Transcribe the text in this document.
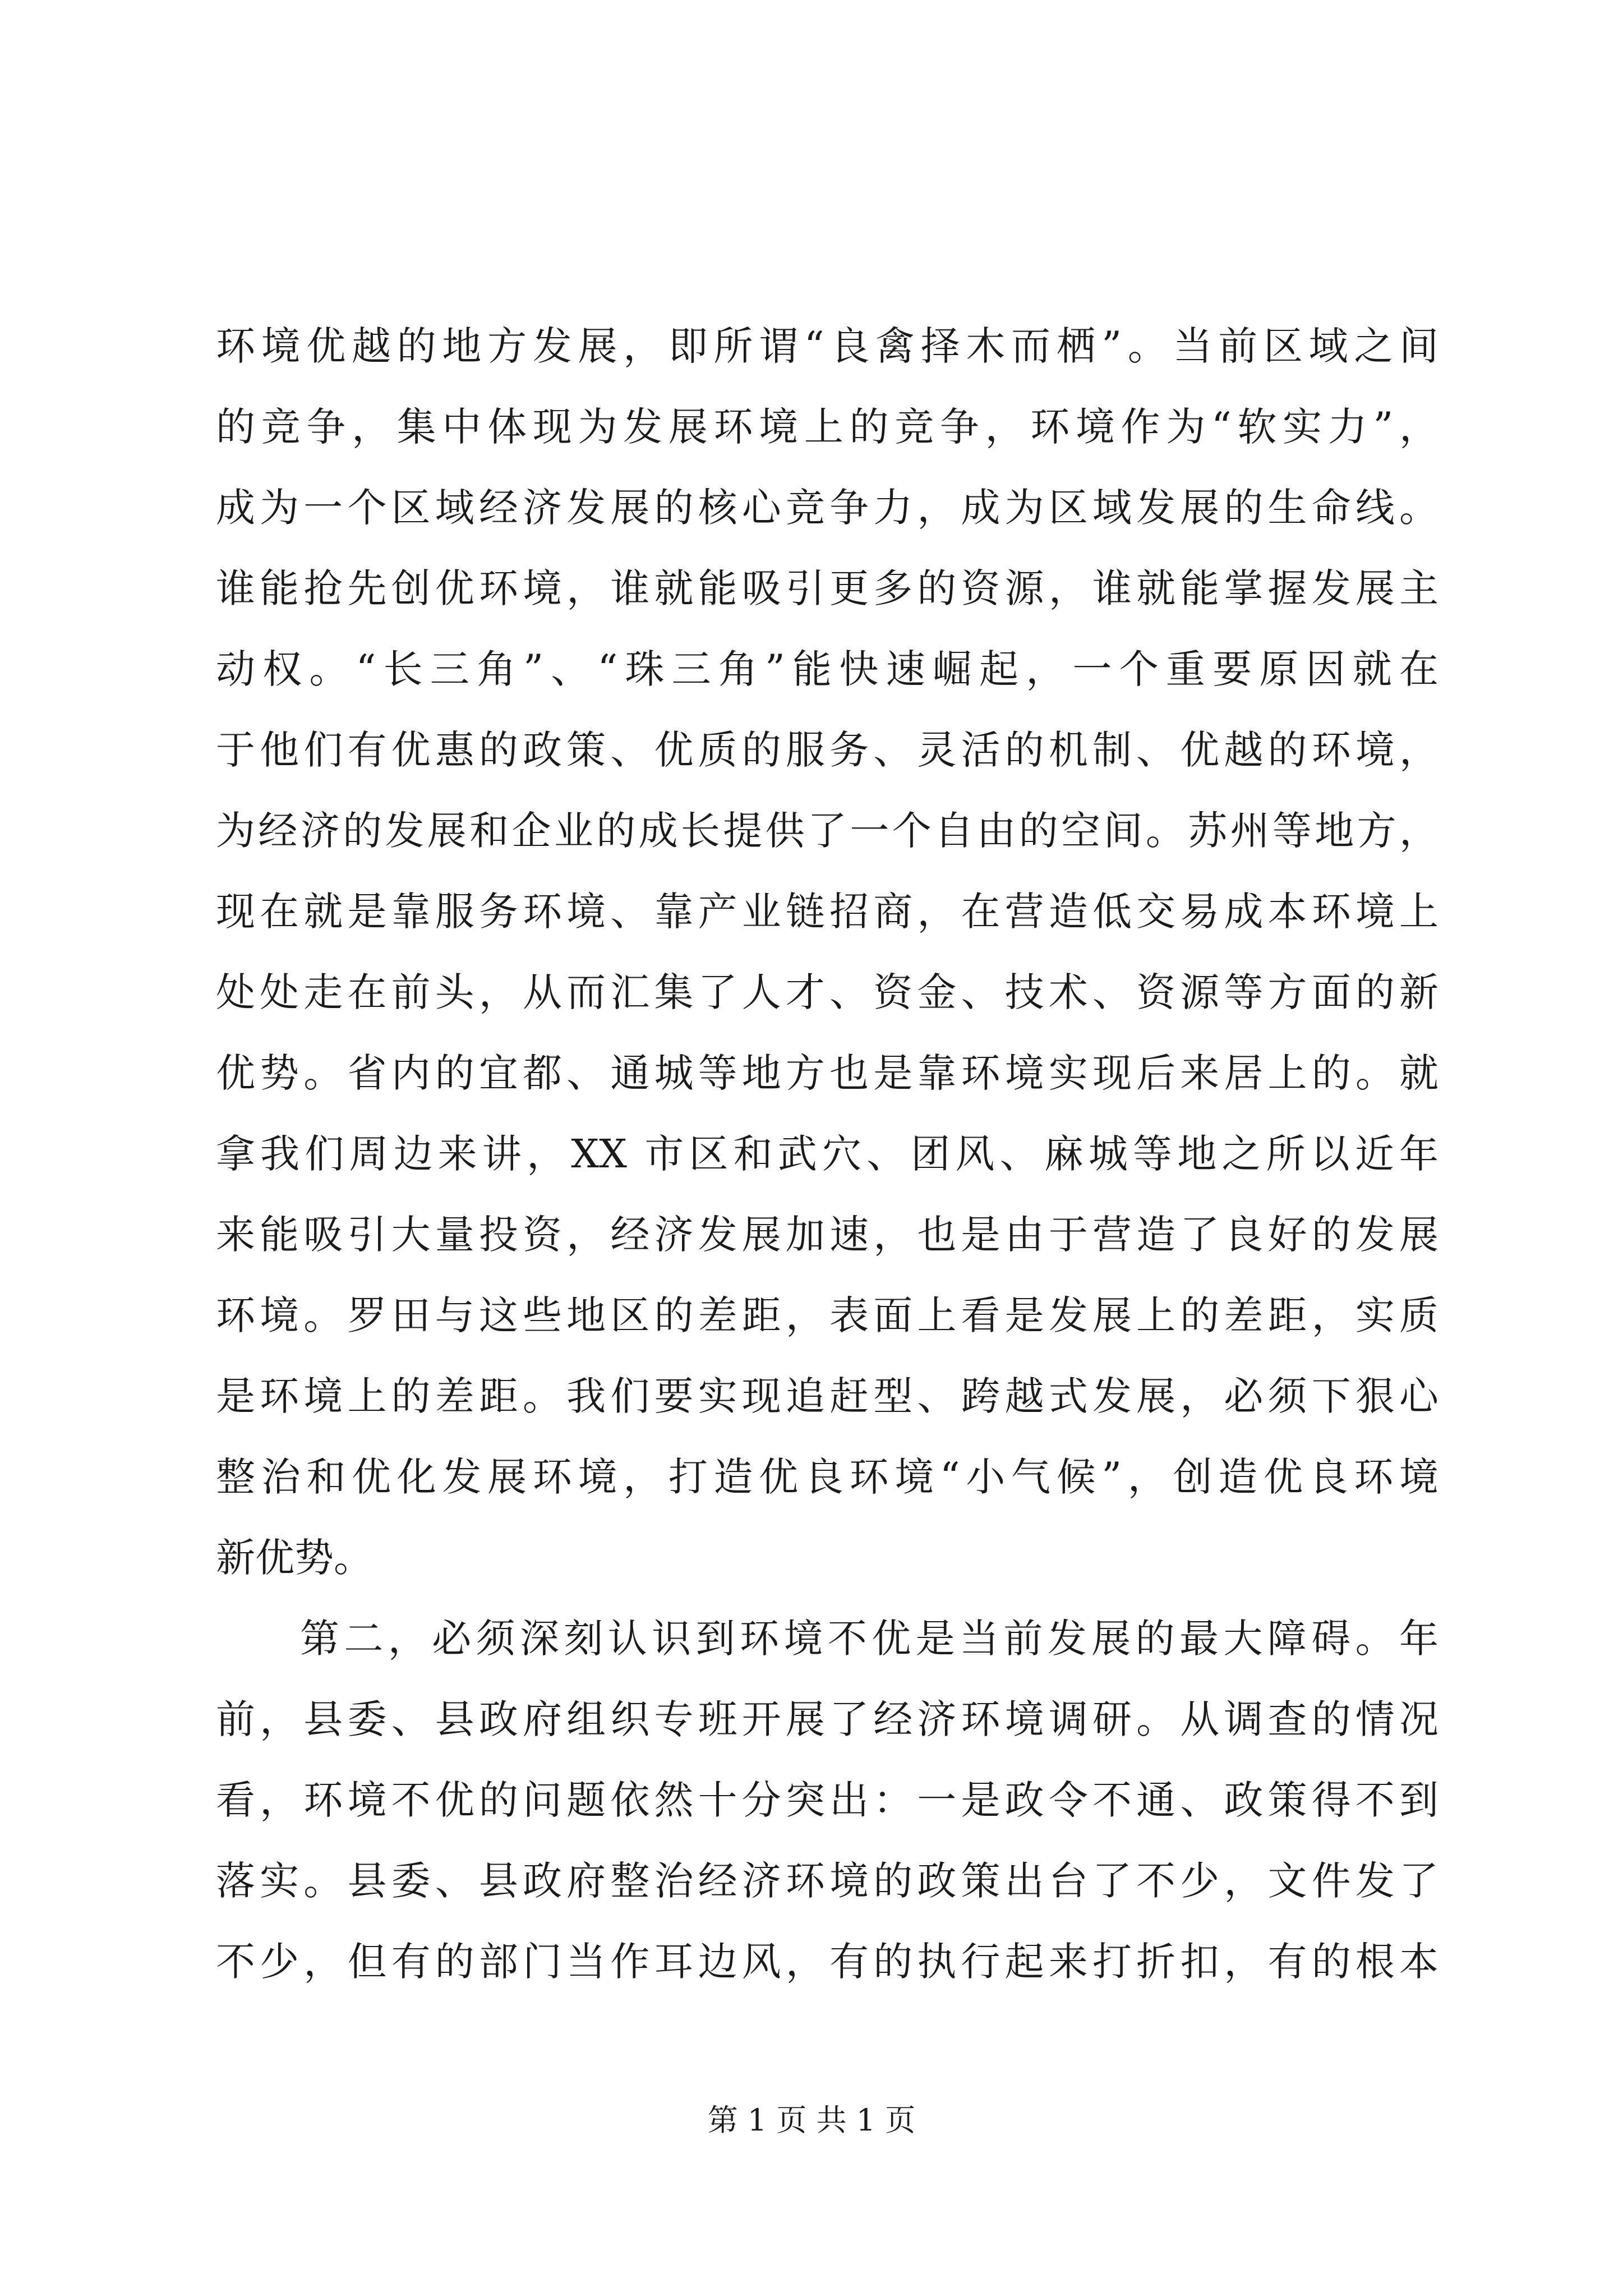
环境优越的地方发展，即所谓“良禽择木而栖”。当前区域之间
的竞争，集中体现为发展环境上的竞争，环境作为“软实力”，
成为一个区域经济发展的核心竞争力，成为区域发展的生命线。
谁能抢先创优环境，谁就能吸引更多的资源，谁就能掌握发展主
动权。“长三角”、“珠三角”能快速崛起，一个重要原因就在
于他们有优惠的政策、优质的服务、灵活的机制、优越的环境，
为经济的发展和企业的成长提供了一个自由的空间。苏州等地方，
现在就是靠服务环境、靠产业链招商，在营造低交易成本环境上
处处走在前头，从而汇集了人才、资金、技术、资源等方面的新
优势。省内的宜都、通城等地方也是靠环境实现后来居上的。就
拿我们周边来讲，XX 市区和武穴、团风、麻城等地之所以近年
来能吸引大量投资，经济发展加速，也是由于营造了良好的发展
环境。罗田与这些地区的差距，表面上看是发展上的差距，实质
是环境上的差距。我们要实现追赶型、跨越式发展，必须下狠心
整治和优化发展环境，打造优良环境“小气候”，创造优良环境
新优势。
第二，必须深刻认识到环境不优是当前发展的最大障碍。年
前，县委、县政府组织专班开展了经济环境调研。从调查的情况
看，环境不优的问题依然十分突出：一是政令不通、政策得不到
落实。县委、县政府整治经济环境的政策出台了不少，文件发了
不少，但有的部门当作耳边风，有的执行起来打折扣，有的根本
第 1 页 共 1 页
